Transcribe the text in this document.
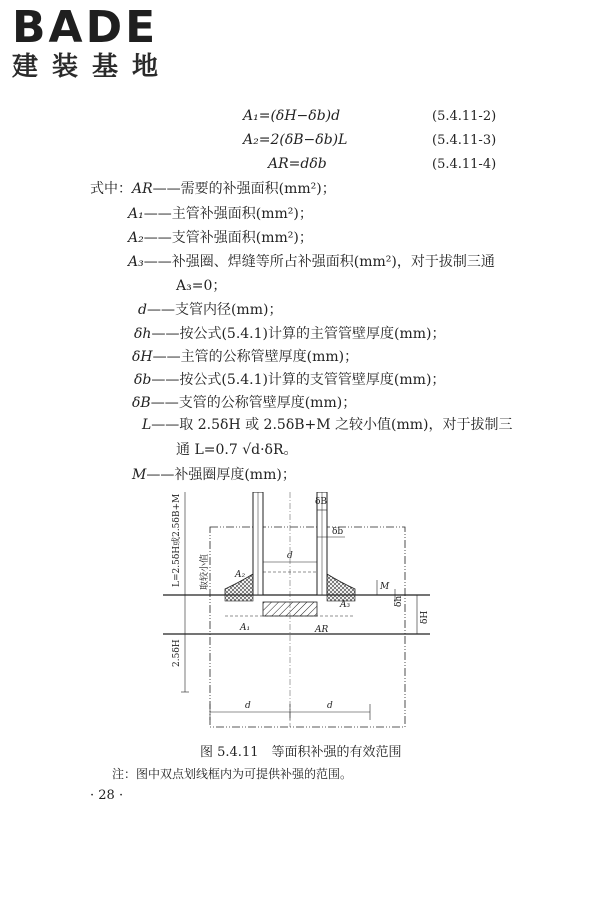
BADE
建装基地
A₁=(δH−δb)d	(5.4.11-2)
A₂=2(δB−δb)L	(5.4.11-3)
AR=dδb	(5.4.11-4)
式中：AR——需要的补强面积(mm²)；
A₁——主管补强面积(mm²)；
A₂——支管补强面积(mm²)；
A₃——补强圈、焊缝等所占补强面积(mm²)，对于拔制三通
A₃=0；
d——支管内径(mm)；
δh——按公式(5.4.1)计算的主管管壁厚度(mm)；
δH——主管的公称管壁厚度(mm)；
δb——按公式(5.4.1)计算的支管管壁厚度(mm)；
δB——支管的公称管壁厚度(mm)；
L——取 2.5δH 或 2.5δB+M 之较小值(mm)，对于拔制三
通 L=0.7 √d·δR。
M——补强圈厚度(mm)；
δB
δb
d
L=2.5δH或2.5δB+M 取较小值	A₂
A₃
M
A₁	AR
δh
δH
2.5δH
d	d
图 5.4.11　等面积补强的有效范围
注：图中双点划线框内为可提供补强的范围。
· 28 ·
